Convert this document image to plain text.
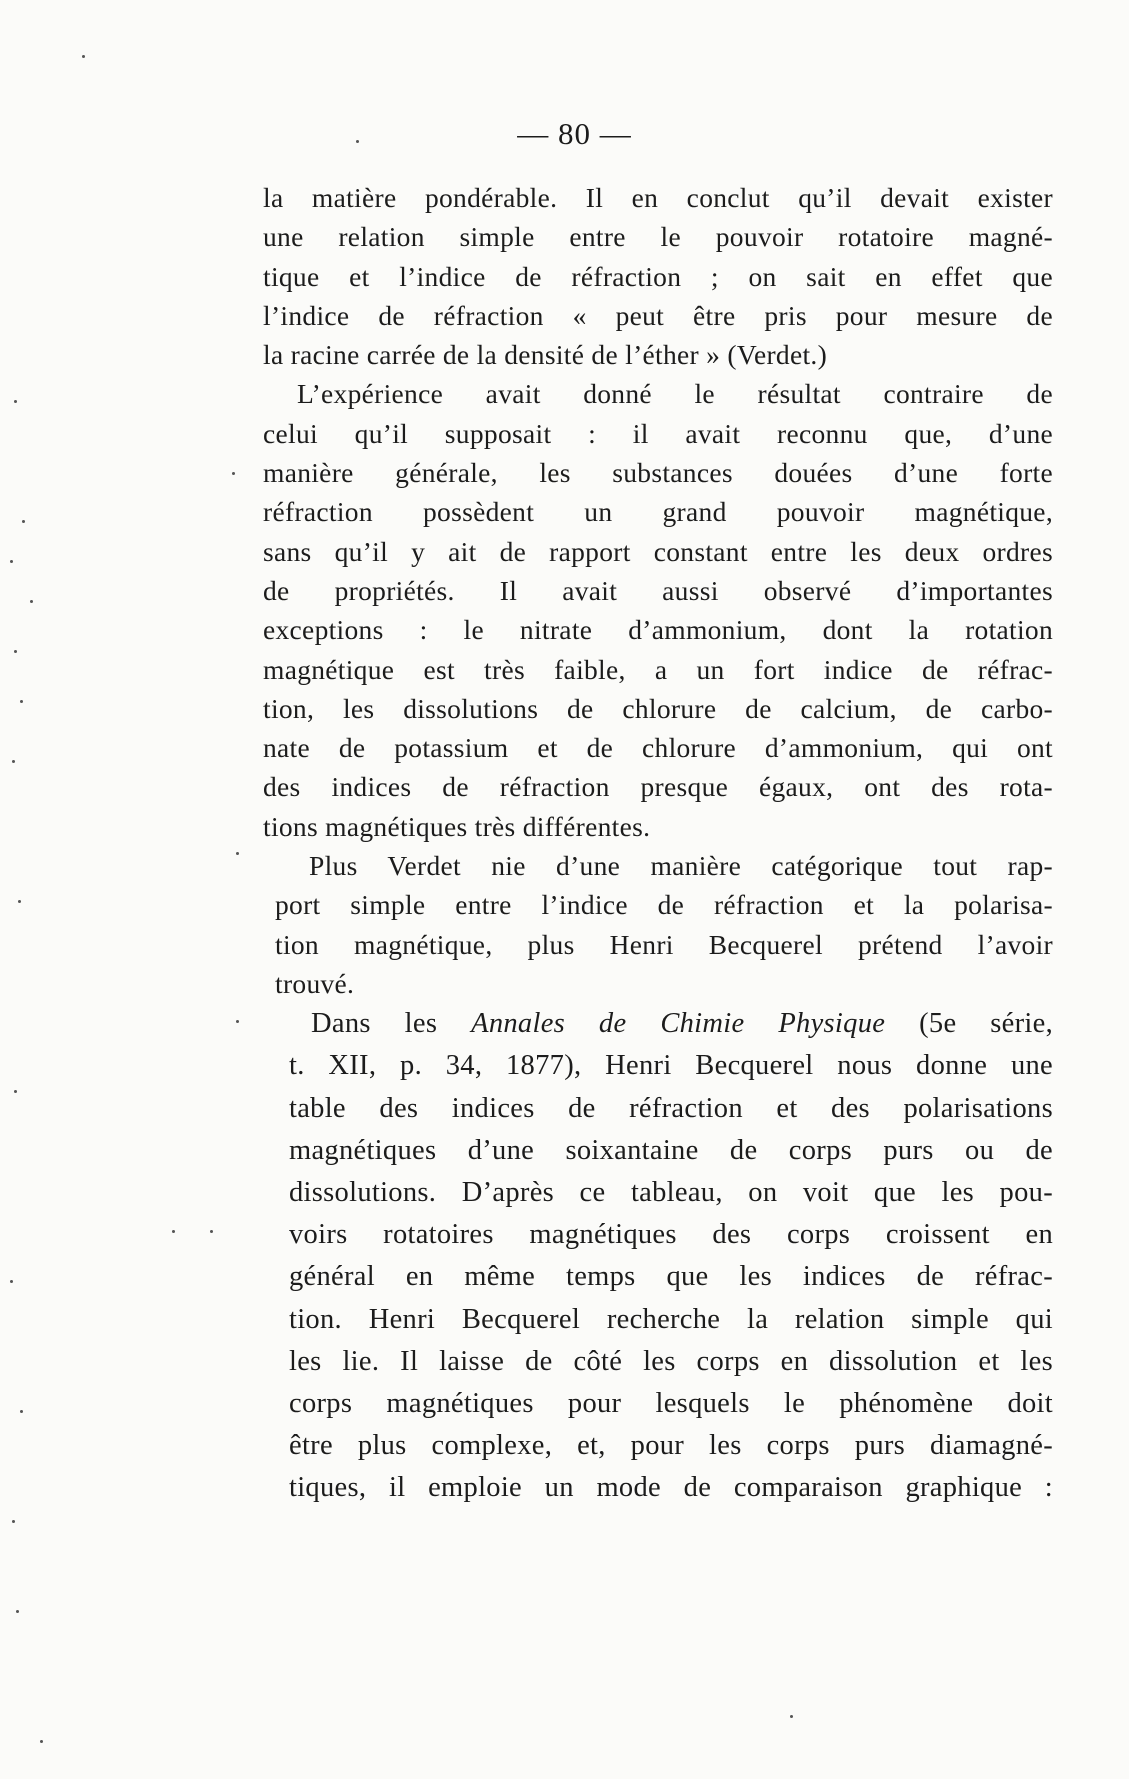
— 80 —
la matière pondérable. Il en conclut qu’il devait exister
une relation simple entre le pouvoir rotatoire magné-
tique et l’indice de réfraction ; on sait en effet que
l’indice de réfraction « peut être pris pour mesure de
la racine carrée de la densité de l’éther » (Verdet.)
L’expérience avait donné le résultat contraire de
celui qu’il supposait : il avait reconnu que, d’une
manière générale, les substances douées d’une forte
réfraction possèdent un grand pouvoir magnétique,
sans qu’il y ait de rapport constant entre les deux ordres
de propriétés. Il avait aussi observé d’importantes
exceptions : le nitrate d’ammonium, dont la rotation
magnétique est très faible, a un fort indice de réfrac-
tion, les dissolutions de chlorure de calcium, de carbo-
nate de potassium et de chlorure d’ammonium, qui ont
des indices de réfraction presque égaux, ont des rota-
tions magnétiques très différentes.
Plus Verdet nie d’une manière catégorique tout rap-
port simple entre l’indice de réfraction et la polarisa-
tion magnétique, plus Henri Becquerel prétend l’avoir
trouvé.
Dans les Annales de Chimie Physique (5e série,
t. XII, p. 34, 1877), Henri Becquerel nous donne une
table des indices de réfraction et des polarisations
magnétiques d’une soixantaine de corps purs ou de
dissolutions. D’après ce tableau, on voit que les pou-
voirs rotatoires magnétiques des corps croissent en
général en même temps que les indices de réfrac-
tion. Henri Becquerel recherche la relation simple qui
les lie. Il laisse de côté les corps en dissolution et les
corps magnétiques pour lesquels le phénomène doit
être plus complexe, et, pour les corps purs diamagné-
tiques, il emploie un mode de comparaison graphique :
